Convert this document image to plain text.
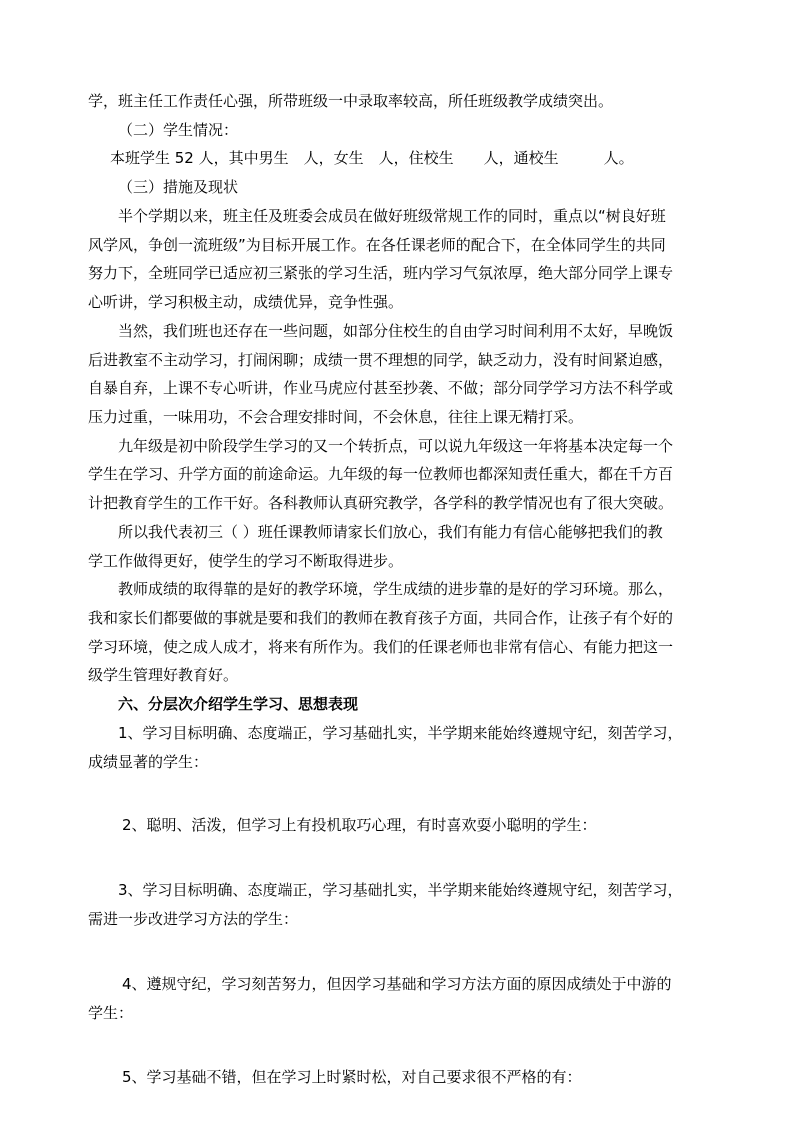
学，班主任工作责任心强，所带班级一中录取率较高，所任班级教学成绩突出。
（二）学生情况：
本班学生 52 人，其中男生　人，女生　人，住校生　　人，通校生　　　人。
（三）措施及现状
半个学期以来，班主任及班委会成员在做好班级常规工作的同时，重点以“树良好班
风学风，争创一流班级”为目标开展工作。在各任课老师的配合下，在全体同学生的共同
努力下，全班同学已适应初三紧张的学习生活，班内学习气氛浓厚，绝大部分同学上课专
心听讲，学习积极主动，成绩优异，竞争性强。
当然，我们班也还存在一些问题，如部分住校生的自由学习时间利用不太好，早晚饭
后进教室不主动学习，打闹闲聊；成绩一贯不理想的同学，缺乏动力，没有时间紧迫感，
自暴自弃，上课不专心听讲，作业马虎应付甚至抄袭、不做；部分同学学习方法不科学或
压力过重，一味用功，不会合理安排时间，不会休息，往往上课无精打采。
九年级是初中阶段学生学习的又一个转折点，可以说九年级这一年将基本决定每一个
学生在学习、升学方面的前途命运。九年级的每一位教师也都深知责任重大，都在千方百
计把教育学生的工作干好。各科教师认真研究教学，各学科的教学情况也有了很大突破。
所以我代表初三（ ）班任课教师请家长们放心，我们有能力有信心能够把我们的教
学工作做得更好，使学生的学习不断取得进步。
教师成绩的取得靠的是好的教学环境，学生成绩的进步靠的是好的学习环境。那么，
我和家长们都要做的事就是要和我们的教师在教育孩子方面，共同合作，让孩子有个好的
学习环境，使之成人成才，将来有所作为。我们的任课老师也非常有信心、有能力把这一
级学生管理好教育好。
六、分层次介绍学生学习、思想表现
1、学习目标明确、态度端正，学习基础扎实，半学期来能始终遵规守纪，刻苦学习，
成绩显著的学生：
2、聪明、活泼，但学习上有投机取巧心理，有时喜欢耍小聪明的学生：
3、学习目标明确、态度端正，学习基础扎实，半学期来能始终遵规守纪，刻苦学习，
需进一步改进学习方法的学生：
4、遵规守纪，学习刻苦努力，但因学习基础和学习方法方面的原因成绩处于中游的
学生：
5、学习基础不错，但在学习上时紧时松，对自己要求很不严格的有：
